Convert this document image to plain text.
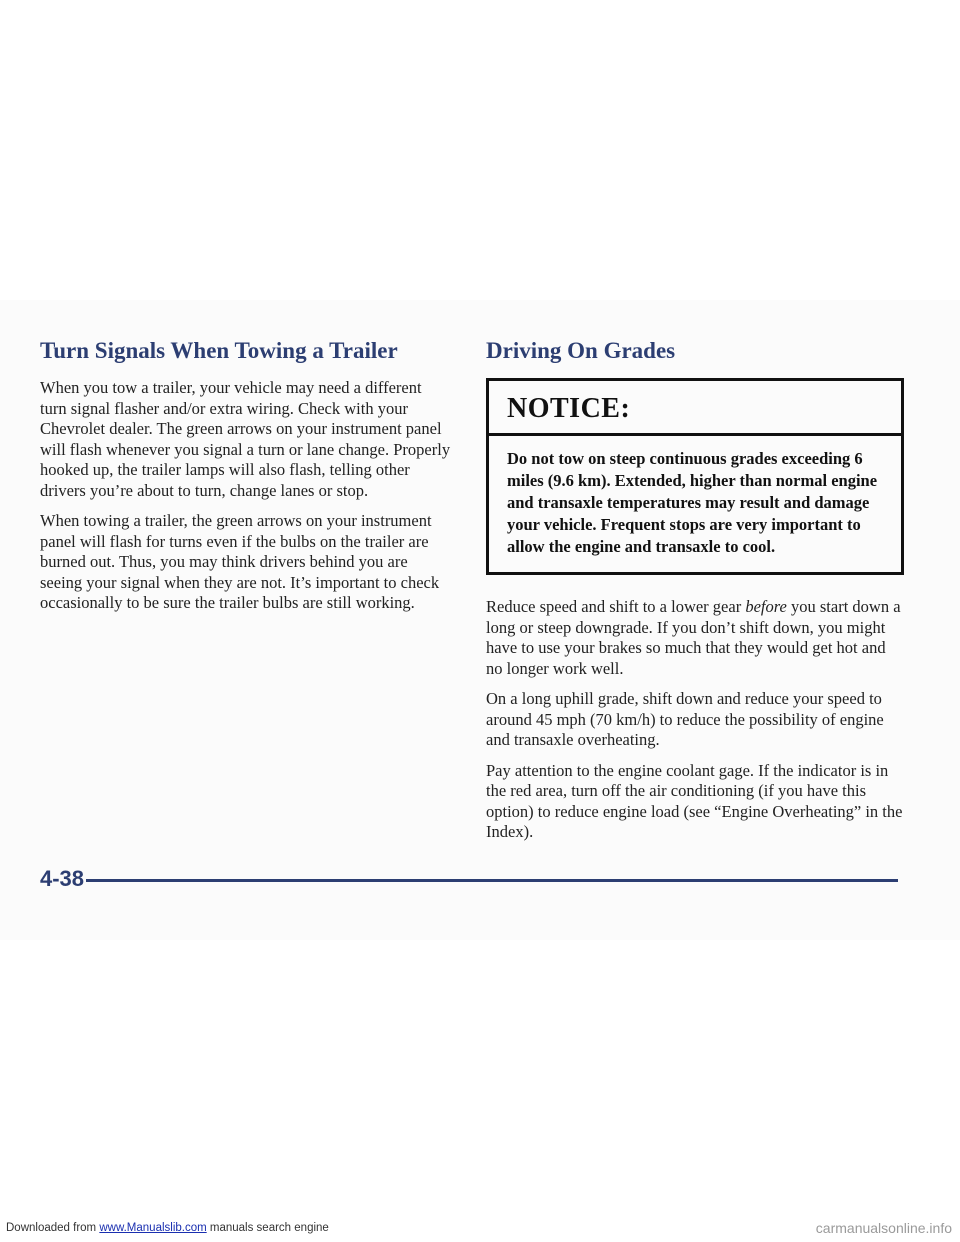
Turn Signals When Towing a Trailer

When you tow a trailer, your vehicle may need a different turn signal flasher and/or extra wiring. Check with your Chevrolet dealer. The green arrows on your instrument panel will flash whenever you signal a turn or lane change. Properly hooked up, the trailer lamps will also flash, telling other drivers you’re about to turn, change lanes or stop.

When towing a trailer, the green arrows on your instrument panel will flash for turns even if the bulbs on the trailer are burned out. Thus, you may think drivers behind you are seeing your signal when they are not. It’s important to check occasionally to be sure the trailer bulbs are still working.

Driving On Grades
NOTICE:
Do not tow on steep continuous grades exceeding 6 miles (9.6 km). Extended, higher than normal engine and transaxle temperatures may result and damage your vehicle. Frequent stops are very important to allow the engine and transaxle to cool.

Reduce speed and shift to a lower gear before you start down a long or steep downgrade. If you don’t shift down, you might have to use your brakes so much that they would get hot and no longer work well.

On a long uphill grade, shift down and reduce your speed to around 45 mph (70 km/h) to reduce the possibility of engine and transaxle overheating.

Pay attention to the engine coolant gage. If the indicator is in the red area, turn off the air conditioning (if you have this option) to reduce engine load (see “Engine Overheating” in the Index).

4-38
Downloaded from www.Manualslib.com manuals search engine	carmanualsonline.info
